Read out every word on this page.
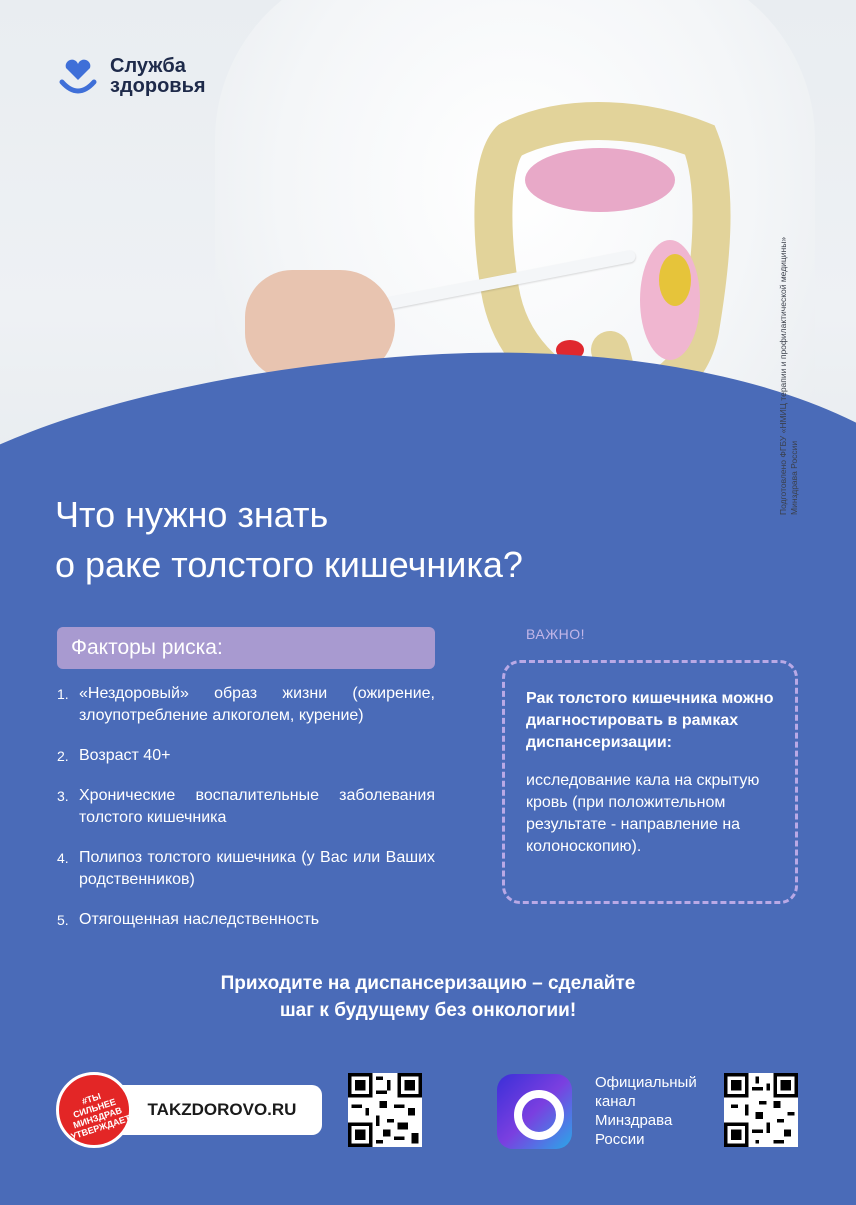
Служба
здоровья
Подготовлено ФГБУ «НМИЦ терапии и профилактической медицины» Минздрава России
Что нужно знать
о раке толстого кишечника?
Факторы риска:
1. «Нездоровый» образ жизни (ожирение, злоупотребление алкоголем, курение)
2. Возраст 40+
3. Хронические воспалительные заболевания толстого кишечника
4. Полипоз толстого кишечника (у Вас или Ваших родственников)
5. Отягощенная наследственность
ВАЖНО!
Рак толстого кишечника можно диагностировать в рамках диспансеризации:
исследование кала на скрытую кровь (при положительном результате - направление на колоноскопию).
Приходите на диспансеризацию – сделайте
шаг к будущему без онкологии!
TAKZDOROVO.RU
#ТЫ СИЛЬНЕЕ МИНЗДРАВ УТВЕРЖДАЕТ
Официальный канал Минздрава России
